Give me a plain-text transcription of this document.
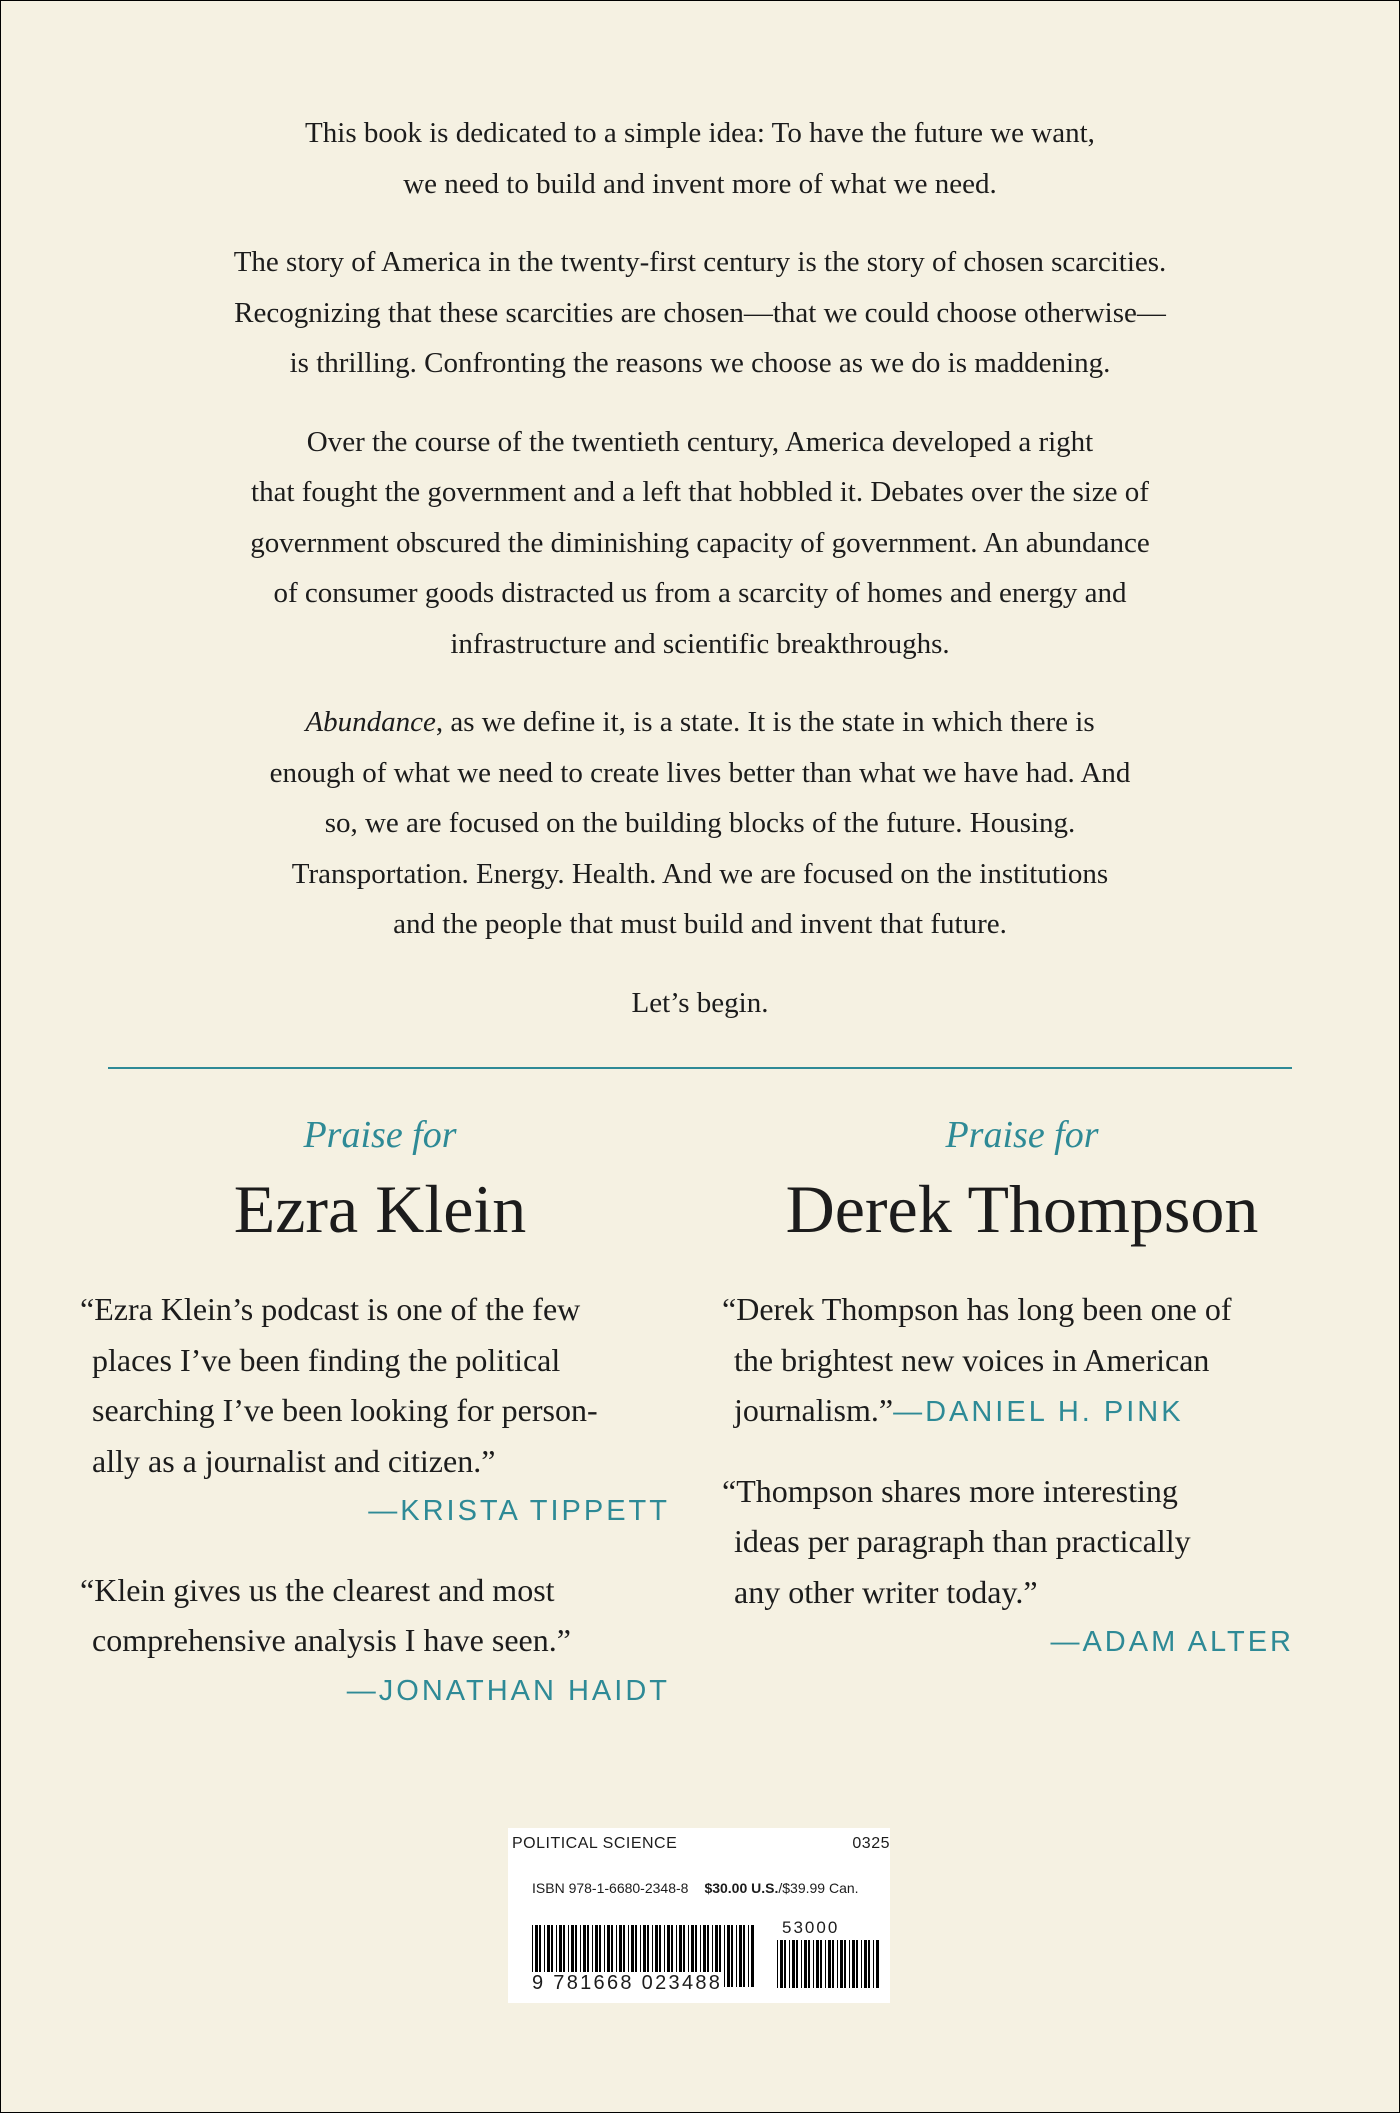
This book is dedicated to a simple idea: To have the future we want,
we need to build and invent more of what we need.

The story of America in the twenty-first century is the story of chosen scarcities.
Recognizing that these scarcities are chosen—that we could choose otherwise—
is thrilling. Confronting the reasons we choose as we do is maddening.

Over the course of the twentieth century, America developed a right
that fought the government and a left that hobbled it. Debates over the size of
government obscured the diminishing capacity of government. An abundance
of consumer goods distracted us from a scarcity of homes and energy and
infrastructure and scientific breakthroughs.

Abundance, as we define it, is a state. It is the state in which there is
enough of what we need to create lives better than what we have had. And
so, we are focused on the building blocks of the future. Housing.
Transportation. Energy. Health. And we are focused on the institutions
and the people that must build and invent that future.

Let’s begin.

Praise for
Ezra Klein
“Ezra Klein’s podcast is one of the few
places I’ve been finding the political
searching I’ve been looking for person-
ally as a journalist and citizen.”
—KRISTA TIPPETT
“Klein gives us the clearest and most
comprehensive analysis I have seen.”
—JONATHAN HAIDT
Praise for
Derek Thompson
“Derek Thompson has long been one of
the brightest new voices in American
journalism.”—DANIEL H. PINK
“Thompson shares more interesting
ideas per paragraph than practically
any other writer today.”
—ADAM ALTER
POLITICAL SCIENCE	0325
ISBN 978-1-6680-2348-8 $30.00 U.S./$39.99 Can.
53000
9 781668 023488
